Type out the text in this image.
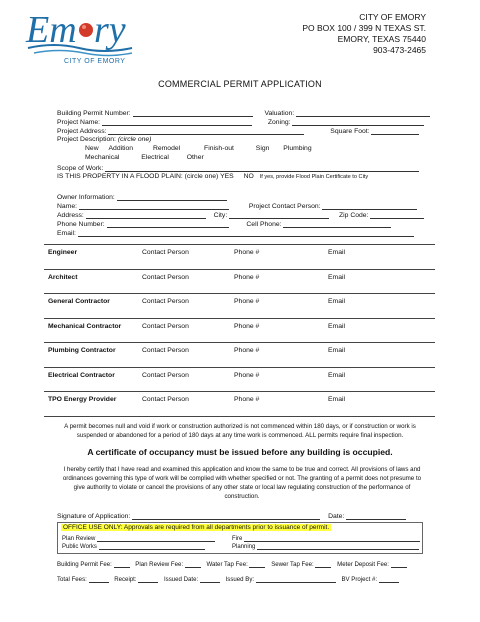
Em ry
CITY OF EMORY
CITY OF EMORY
PO BOX 100 / 399 N TEXAS ST.
EMORY, TEXAS 75440
903-473-2465
COMMERCIAL PERMIT APPLICATION
Building Permit Number:	Valuation:
Project Name:	Zoning:
Project Address:	Square Foot:
Project Description: (circle one)
New Addition	Remodel	Finish-out	Sign Plumbing
Mechanical	Electrical	Other
Scope of Work:
IS THIS PROPERTY IN A FLOOD PLAIN: (circle one) YES NO If yes, provide Flood Plain Certificate to City
Owner Information:
Name:	Project Contact Person:
Address:	City:	Zip Code:
Phone Number:	Cell Phone:
Email:
Engineer	Contact Person	Phone #	Email
Architect	Contact Person	Phone #	Email
General Contractor	Contact Person	Phone #	Email
Mechanical Contractor	Contact Person	Phone #	Email
Plumbing Contractor	Contact Person	Phone #	Email
Electrical Contractor	Contact Person	Phone #	Email
TPO Energy Provider	Contact Person	Phone #	Email
A permit becomes null and void if work or construction authorized is not commenced within 180 days, or if construction or work is suspended or abandoned for a period of 180 days at any time work is commenced. ALL permits require final inspection.
A certificate of occupancy must be issued before any building is occupied.
I hereby certify that I have read and examined this application and know the same to be true and correct. All provisions of laws and ordinances governing this type of work will be complied with whether specified or not. The granting of a permit does not presume to give authority to violate or cancel the provisions of any other state or local law regulating construction of the performance of construction.
Signature of Application:	Date:
OFFICE USE ONLY: Approvals are required from all departments prior to issuance of permit.
Plan Review	Fire
Public Works	Planning
Building Permit Fee:	Plan Review Fee:	Water Tap Fee:	Sewer Tap Fee:	Meter Deposit Fee:
Total Fees:	Receipt:	Issued Date:	Issued By:	BV Project #:
